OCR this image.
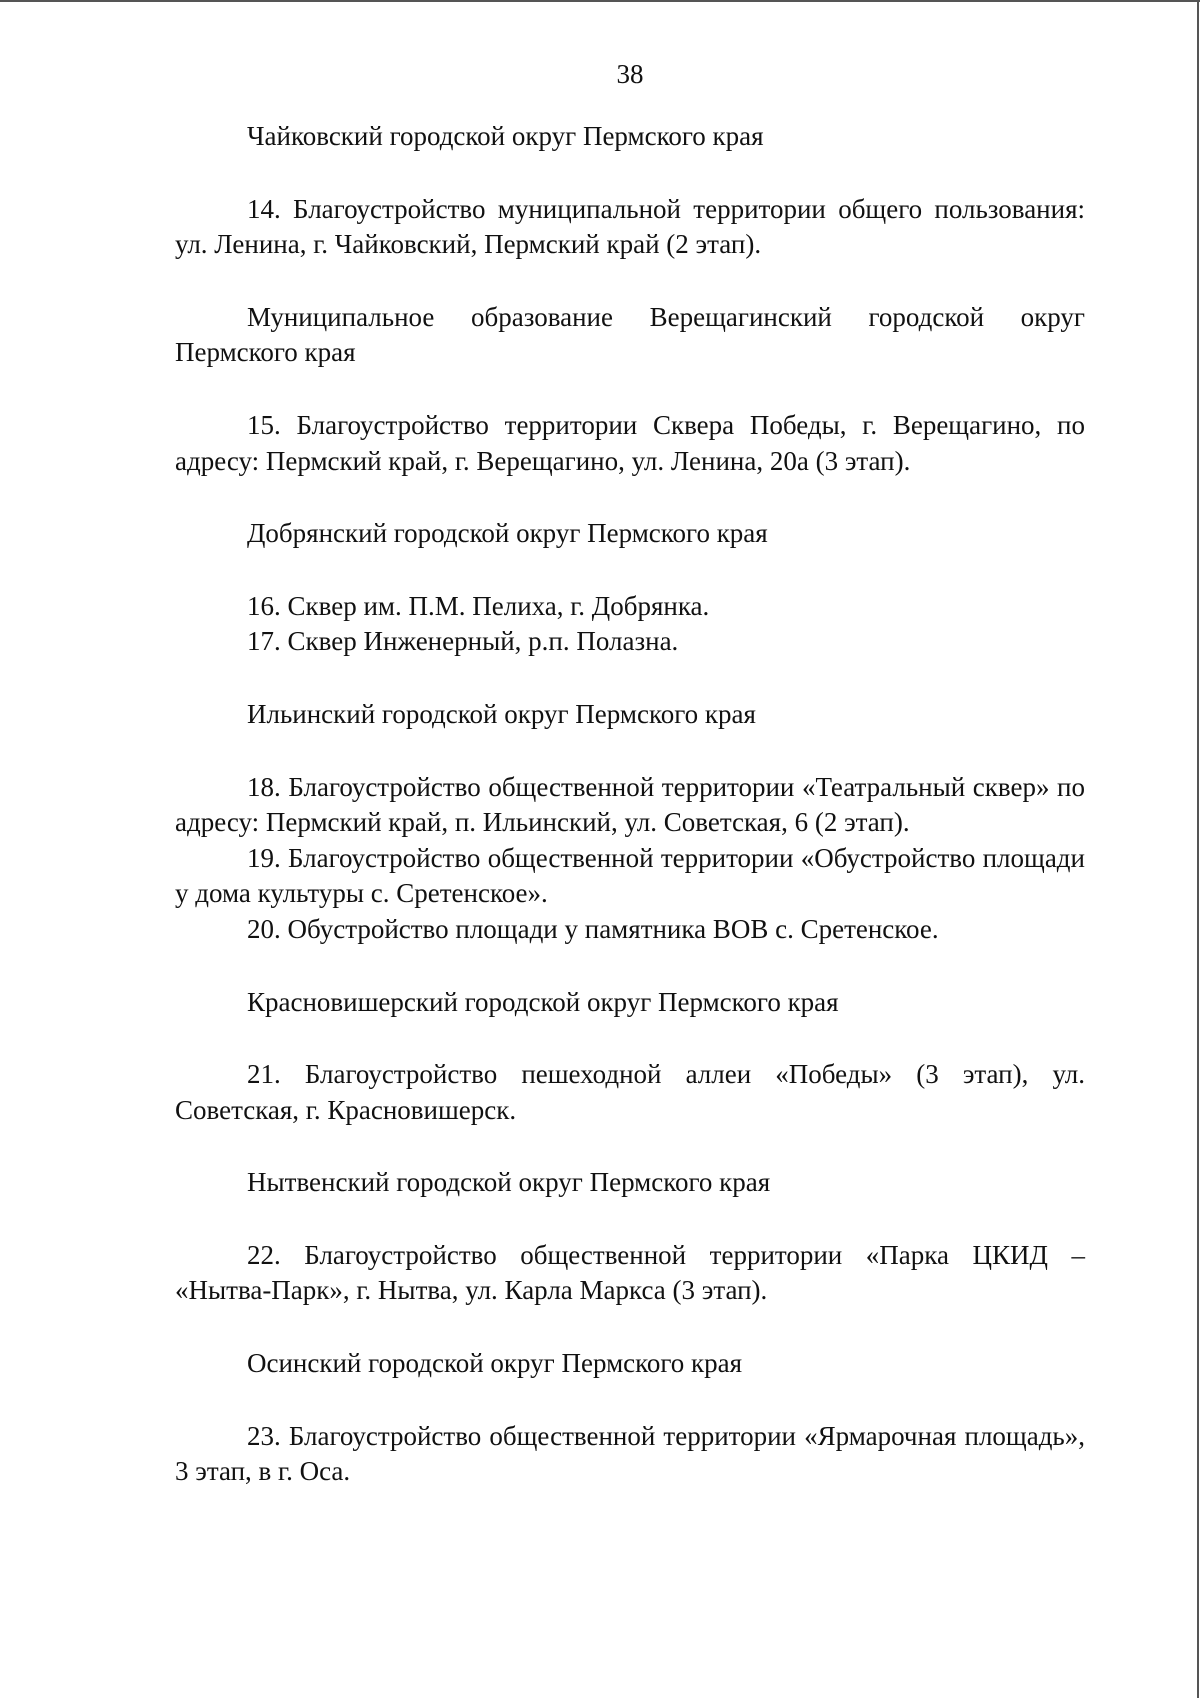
38

Чайковский городской округ Пермского края

14. Благоустройство муниципальной территории общего пользования: ул. Ленина, г. Чайковский, Пермский край (2 этап).

Муниципальное образование Верещагинский городской округ Пермского края

15. Благоустройство территории Сквера Победы, г. Верещагино, по адресу: Пермский край, г. Верещагино, ул. Ленина, 20а (3 этап).

Добрянский городской округ Пермского края

16. Сквер им. П.М. Пелиха, г. Добрянка.

17. Сквер Инженерный, р.п. Полазна.

Ильинский городской округ Пермского края

18. Благоустройство общественной территории «Театральный сквер» по адресу: Пермский край, п. Ильинский, ул. Советская, 6 (2 этап).

19. Благоустройство общественной территории «Обустройство площади у дома культуры с. Сретенское».

20. Обустройство площади у памятника ВОВ с. Сретенское.

Красновишерский городской округ Пермского края

21. Благоустройство пешеходной аллеи «Победы» (3 этап), ул. Советская, г. Красновишерск.

Нытвенский городской округ Пермского края

22. Благоустройство общественной территории «Парка ЦКИД – «Нытва-Парк», г. Нытва, ул. Карла Маркса (3 этап).

Осинский городской округ Пермского края

23. Благоустройство общественной территории «Ярмарочная площадь», 3 этап, в г. Оса.
